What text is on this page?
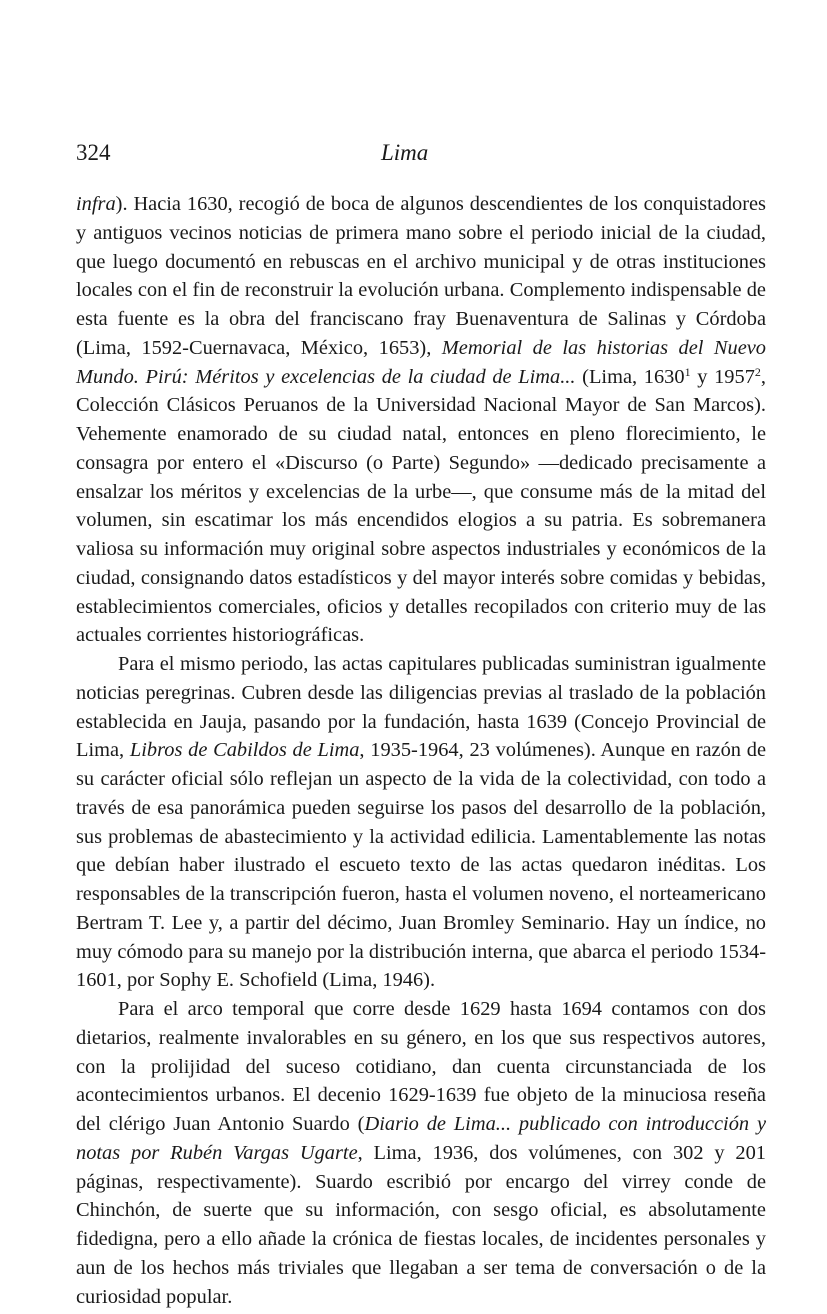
324	Lima

infra). Hacia 1630, recogió de boca de algunos descendientes de los conquistadores y antiguos vecinos noticias de primera mano sobre el periodo inicial de la ciudad, que luego documentó en rebuscas en el archivo municipal y de otras instituciones locales con el fin de reconstruir la evolución urbana. Complemento indispensable de esta fuente es la obra del franciscano fray Buenaventura de Salinas y Córdoba (Lima, 1592-Cuernavaca, México, 1653), Memorial de las historias del Nuevo Mundo. Pirú: Méritos y excelencias de la ciudad de Lima... (Lima, 1630$^1$ y 1957$^2$, Colección Clásicos Peruanos de la Universidad Nacional Mayor de San Marcos). Vehemente enamorado de su ciudad natal, entonces en pleno florecimiento, le consagra por entero el «Discurso (o Parte) Segundo» —dedicado precisamente a ensalzar los méritos y excelencias de la urbe—, que consume más de la mitad del volumen, sin escatimar los más encendidos elogios a su patria. Es sobremanera valiosa su información muy original sobre aspectos industriales y económicos de la ciudad, consignando datos estadísticos y del mayor interés sobre comidas y bebidas, establecimientos comerciales, oficios y detalles recopilados con criterio muy de las actuales corrientes historiográficas.

Para el mismo periodo, las actas capitulares publicadas suministran igualmente noticias peregrinas. Cubren desde las diligencias previas al traslado de la población establecida en Jauja, pasando por la fundación, hasta 1639 (Concejo Provincial de Lima, Libros de Cabildos de Lima, 1935-1964, 23 volúmenes). Aunque en razón de su carácter oficial sólo reflejan un aspecto de la vida de la colectividad, con todo a través de esa panorámica pueden seguirse los pasos del desarrollo de la población, sus problemas de abastecimiento y la actividad edilicia. Lamentablemente las notas que debían haber ilustrado el escueto texto de las actas quedaron inéditas. Los responsables de la transcripción fueron, hasta el volumen noveno, el norteamericano Bertram T. Lee y, a partir del décimo, Juan Bromley Seminario. Hay un índice, no muy cómodo para su manejo por la distribución interna, que abarca el periodo 1534-1601, por Sophy E. Schofield (Lima, 1946).

Para el arco temporal que corre desde 1629 hasta 1694 contamos con dos dietarios, realmente invalorables en su género, en los que sus respectivos autores, con la prolijidad del suceso cotidiano, dan cuenta circunstanciada de los acontecimientos urbanos. El decenio 1629-1639 fue objeto de la minuciosa reseña del clérigo Juan Antonio Suardo (Diario de Lima... publicado con introducción y notas por Rubén Vargas Ugarte, Lima, 1936, dos volúmenes, con 302 y 201 páginas, respectivamente). Suardo escribió por encargo del virrey conde de Chinchón, de suerte que su información, con sesgo oficial, es absolutamente fidedigna, pero a ello añade la crónica de fiestas locales, de incidentes personales y aun de los hechos más triviales que llegaban a ser tema de conversación o de la curiosidad popular.
